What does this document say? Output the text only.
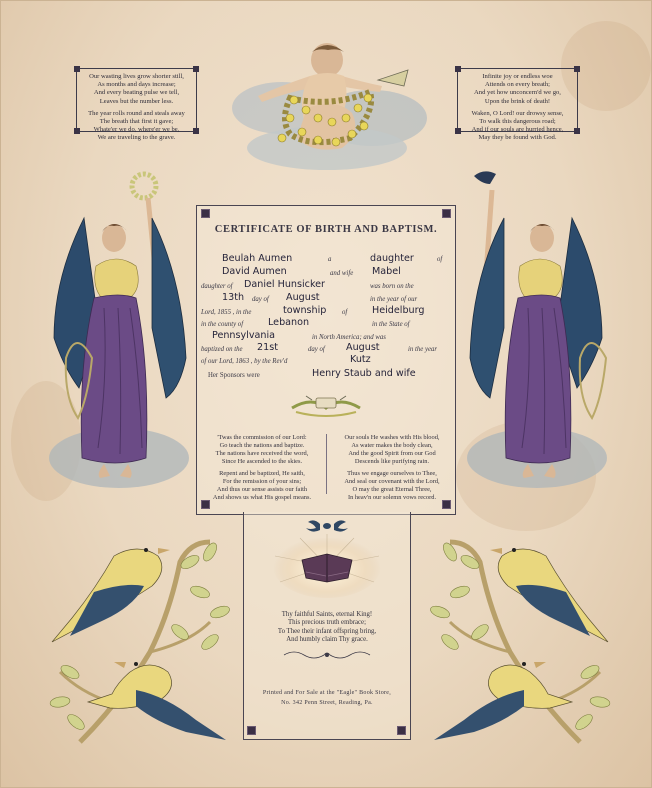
Our wasting lives grow shorter still,

As months and days increase;

And every beating pulse we tell,

Leaves but the number less.

The year rolls round and steals away

The breath that first it gave;

Whate'er we do, where'er we be,

We are traveling to the grave.

Infinite joy or endless woe

Attends on every breath;

And yet how unconcern'd we go,

Upon the brink of death!

Waken, O Lord! our drowsy sense,

To walk this dangerous road;

And if our souls are hurried hence,

May they be found with God.

CERTIFICATE OF BIRTH AND BAPTISM.
Beulah Aumen	a	daughter	of
David Aumen	and wife Mabel
daughter of Daniel Hunsicker	was born on the
13th day of August	in the year of our
Lord, 1855 , in the	township of	Heidelburg
in the county of	Lebanon	in the State of
Pennsylvania	in North America; and was
baptized on the 21st	day of August	in the year
of our Lord, 1863 , by the Rev'd	Kutz
Her Sponsors were	Henry Staub and wife

'Twas the commission of our Lord:

Go teach the nations and baptize.

The nations have received the word,

Since He ascended to the skies.

Repent and be baptized, He saith,

For the remission of your sins;

And thus our sense assists our faith

And shows us what His gospel means.

Our souls He washes with His blood,

As water makes the body clean,

And the good Spirit from our God

Descends like purifying rain.

Thus we engage ourselves to Thee,

And seal our covenant with the Lord,

O may the great Eternal Three,

In heav'n our solemn vows record.

Thy faithful Saints, eternal King!

This precious truth embrace;

To Thee their infant offspring bring,

And humbly claim Thy grace.

Printed and For Sale at the "Eagle" Book Store,

No. 342 Penn Street, Reading, Pa.
